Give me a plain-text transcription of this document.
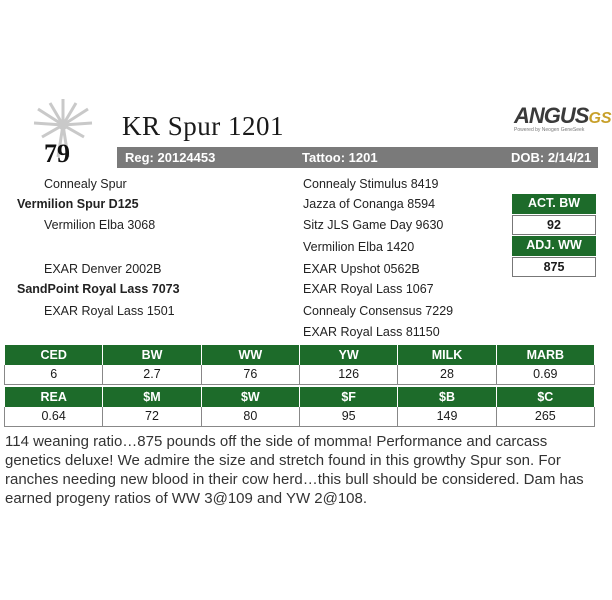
79
KR Spur 1201	ANGUSGS
Powered by Neogen GeneSeek
Reg: 20124453	Tattoo: 1201	DOB: 2/14/21
Connealy Spur
Vermilion Spur D125
Vermilion Elba 3068
EXAR Denver 2002B
SandPoint Royal Lass 7073
EXAR Royal Lass 1501
Connealy Stimulus 8419
Jazza of Conanga 8594
Sitz JLS Game Day 9630
Vermilion Elba 1420
EXAR Upshot 0562B
EXAR Royal Lass 1067
Connealy Consensus 7229
EXAR Royal Lass 81150
ACT. BW
92
ADJ. WW
875
CED	BW	WW	YW	MILK	MARB
6	2.7	76	126	28	0.69
REA	$M	$W	$F	$B	$C
0.64	72	80	95	149	265
114 weaning ratio…875 pounds off the side of momma! Performance and carcass genetics deluxe! We admire the size and stretch found in this growthy Spur son. For ranches needing new blood in their cow herd…this bull should be considered. Dam has earned progeny ratios of WW 3@109 and YW 2@108.
